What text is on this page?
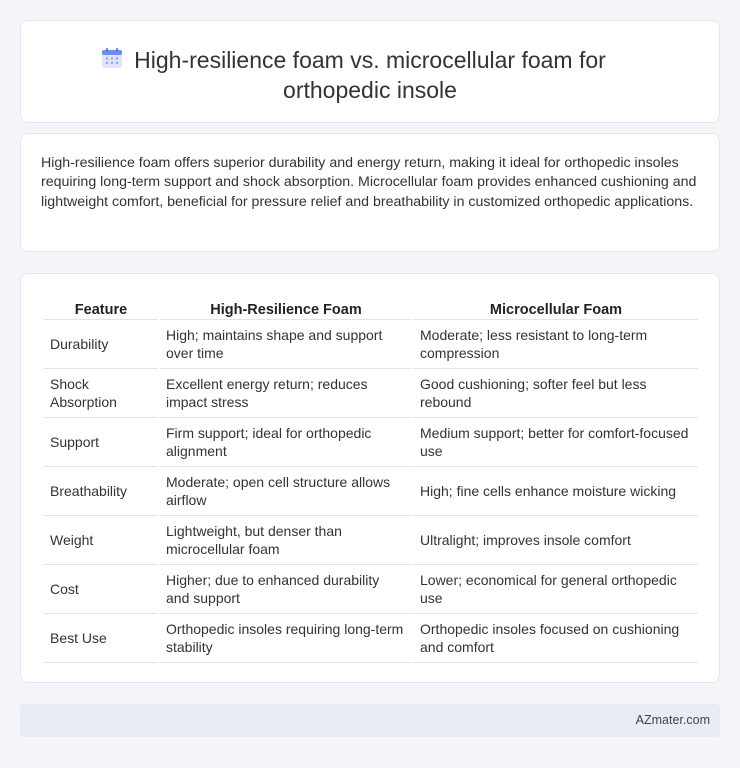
High-resilience foam vs. microcellular foam for orthopedic insole

High-resilience foam offers superior durability and energy return, making it ideal for orthopedic insoles requiring long-term support and shock absorption. Microcellular foam provides enhanced cushioning and lightweight comfort, beneficial for pressure relief and breathability in customized orthopedic applications.

Feature	High-Resilience Foam	Microcellular Foam
Durability	High; maintains shape and support over time	Moderate; less resistant to long-term compression
Shock Absorption	Excellent energy return; reduces impact stress	Good cushioning; softer feel but less rebound
Support	Firm support; ideal for orthopedic alignment	Medium support; better for comfort-focused use
Breathability	Moderate; open cell structure allows airflow	High; fine cells enhance moisture wicking
Weight	Lightweight, but denser than microcellular foam	Ultralight; improves insole comfort
Cost	Higher; due to enhanced durability and support	Lower; economical for general orthopedic use
Best Use	Orthopedic insoles requiring long-term stability	Orthopedic insoles focused on cushioning and comfort
AZmater.com
